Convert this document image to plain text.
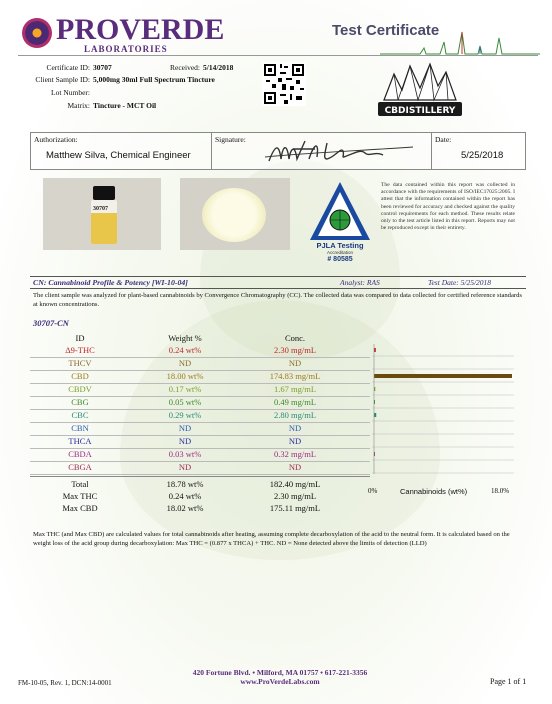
PROVERDE
LABORATORIES
Test Certificate
Certificate ID: 30707	Received: 5/14/2018
Client Sample ID: 5,000mg 30ml Full Spectrum Tincture
Lot Number:
Matrix: Tincture - MCT Oil
CBDISTILLERY
Authorization:
Matthew Silva, Chemical Engineer
Signature:	Date:
5/25/2018
30707
PJLA Testing
Accreditation
# 80585
The data contained within this report was collected in accordance with the requirements of ISO/IEC17025:2005. I attest that the information contained within the report has been reviewed for accuracy and checked against the quality control requirements for each method. These results relate only to the test article listed in this report. Reports may not be reproduced except in their entirety.
CN: Cannabinoid Profile & Potency [WI-10-04]	Analyst: RAS	Test Date: 5/25/2018
The client sample was analyzed for plant-based cannabinoids by Convergence Chromatography (CC). The collected data was compared to data collected for certified reference standards at known concentrations.
30707-CN
ID	Weight %	Conc.
Δ9-THC	0.24 wt%	2.30 mg/mL
THCV	ND	ND
CBD	18.00 wt%	174.83 mg/mL
CBDV	0.17 wt%	1.67 mg/mL
CBG	0.05 wt%	0.49 mg/mL
CBC	0.29 wt%	2.80 mg/mL
CBN	ND	ND
THCA	ND	ND
CBDA	0.03 wt%	0.32 mg/mL
CBGA	ND	ND
Total	18.78 wt%	182.40 mg/mL
Max THC	0.24 wt%	2.30 mg/mL
Max CBD	18.02 wt%	175.11 mg/mL
0%	Cannabinoids (wt%)	18.0%
Max THC (and Max CBD) are calculated values for total cannabinoids after heating, assuming complete decarboxylation of the acid to the neutral form. It is calculated based on the weight loss of the acid group during decarboxylation: Max THC = (0.877 x THCA) + THC. ND = None detected above the limits of detection (LLD)
420 Fortune Blvd. • Milford, MA 01757 • 617-221-3356
www.ProVerdeLabs.com
FM-10-05, Rev. 1, DCN:14-0001	Page 1 of 1
